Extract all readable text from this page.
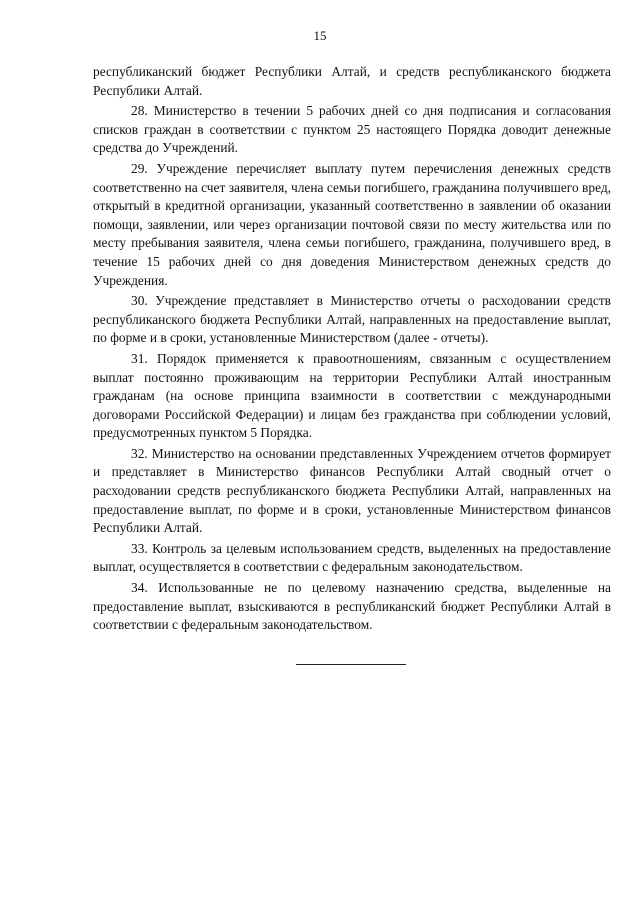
15

республиканский бюджет Республики Алтай, и средств республиканского бюджета Республики Алтай.

28. Министерство в течении 5 рабочих дней со дня подписания и согласования списков граждан в соответствии с пунктом 25 настоящего Порядка доводит денежные средства до Учреждений.

29. Учреждение перечисляет выплату путем перечисления денежных средств соответственно на счет заявителя, члена семьи погибшего, гражданина получившего вред, открытый в кредитной организации, указанный соответственно в заявлении об оказании помощи, заявлении, или через организации почтовой связи по месту жительства или по месту пребывания заявителя, члена семьи погибшего, гражданина, получившего вред, в течение 15 рабочих дней со дня доведения Министерством денежных средств до Учреждения.

30. Учреждение представляет в Министерство отчеты о расходовании средств республиканского бюджета Республики Алтай, направленных на предоставление выплат, по форме и в сроки, установленные Министерством (далее - отчеты).

31. Порядок применяется к правоотношениям, связанным с осуществлением выплат постоянно проживающим на территории Республики Алтай иностранным гражданам (на основе принципа взаимности в соответствии с международными договорами Российской Федерации) и лицам без гражданства при соблюдении условий, предусмотренных пунктом 5 Порядка.

32. Министерство на основании представленных Учреждением отчетов формирует и представляет в Министерство финансов Республики Алтай сводный отчет о расходовании средств республиканского бюджета Республики Алтай, направленных на предоставление выплат, по форме и в сроки, установленные Министерством финансов Республики Алтай.

33. Контроль за целевым использованием средств, выделенных на предоставление выплат, осуществляется в соответствии с федеральным законодательством.

34. Использованные не по целевому назначению средства, выделенные на предоставление выплат, взыскиваются в республиканский бюджет Республики Алтай в соответствии с федеральным законодательством.
